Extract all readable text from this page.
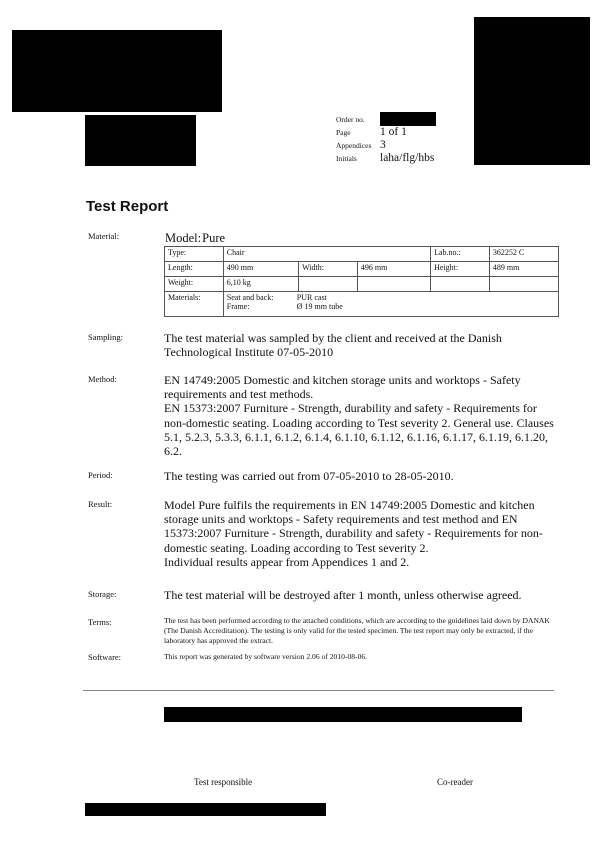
Order no.
Page	1 of 1
Appendices 3
Initials	laha/flg/hbs
Test Report
Material:	Model: Pure
Type:	Chair			Lab.no.:	362252 C
Length:	490 mm	Width:	496 mm	Height:	489 mm
Weight:	6,10 kg				
Materials:	Seat and back: PUR cast
Frame: Ø 19 mm tube				
Sampling:	The test material was sampled by the client and received at the Danish Technological Institute 07-05-2010
Method:	EN 14749:2005 Domestic and kitchen storage units and worktops - Safety requirements and test methods.
EN 15373:2007 Furniture - Strength, durability and safety - Requirements for non-domestic seating. Loading according to Test severity 2. General use. Clauses 5.1, 5.2.3, 5.3.3, 6.1.1, 6.1.2, 6.1.4, 6.1.10, 6.1.12, 6.1.16, 6.1.17, 6.1.19, 6.1.20, 6.2.
Period:	The testing was carried out from 07-05-2010 to 28-05-2010.
Result:	Model Pure fulfils the requirements in EN 14749:2005 Domestic and kitchen storage units and worktops - Safety requirements and test method and EN 15373:2007 Furniture - Strength, durability and safety - Requirements for non-domestic seating. Loading according to Test severity 2.
Individual results appear from Appendices 1 and 2.
Storage:	The test material will be destroyed after 1 month, unless otherwise agreed.
Terms:	The test has been performed according to the attached conditions, which are according to the guidelines laid down by DANAK (The Danish Accreditation). The testing is only valid for the tested specimen. The test report may only be extracted, if the laboratory has approved the extract.
Software:	This report was generated by software version 2.06 of 2010-08-06.
Test responsible	Co-reader
